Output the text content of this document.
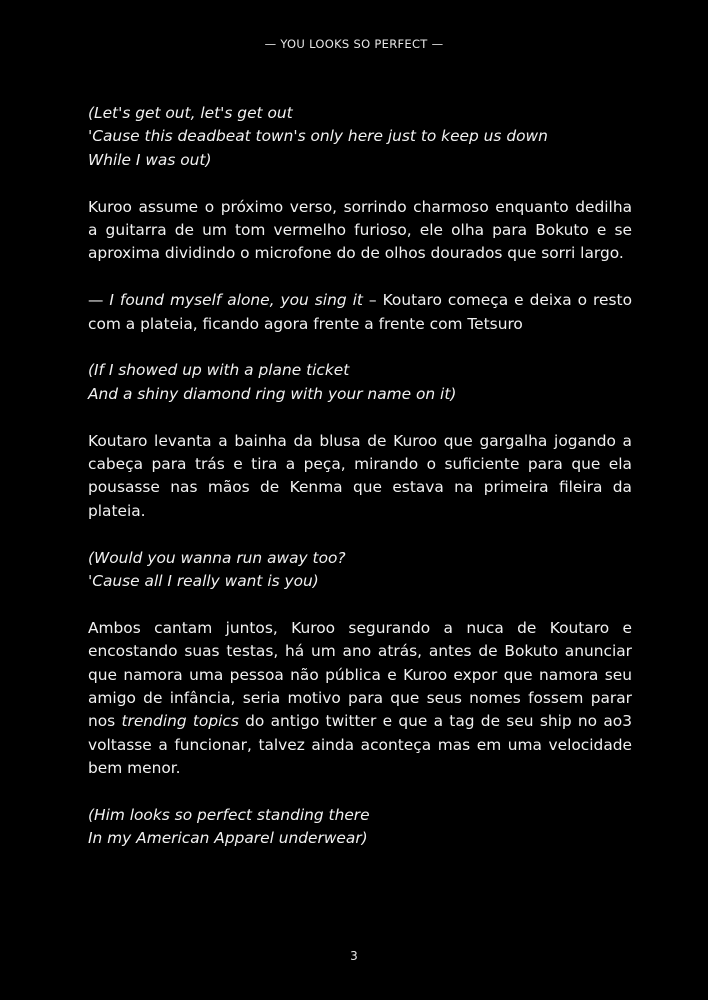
— YOU LOOKS SO PERFECT —

(Let's get out, let's get out
'Cause this deadbeat town's only here just to keep us down
While I was out)

Kuroo assume o próximo verso, sorrindo charmoso enquanto dedilha a guitarra de um tom vermelho furioso, ele olha para Bokuto e se aproxima dividindo o microfone do de olhos dourados que sorri largo.

— I found myself alone, you sing it – Koutaro começa e deixa o resto com a plateia, ficando agora frente a frente com Tetsuro

(If I showed up with a plane ticket
And a shiny diamond ring with your name on it)

Koutaro levanta a bainha da blusa de Kuroo que gargalha jogando a cabeça para trás e tira a peça, mirando o suficiente para que ela pousasse nas mãos de Kenma que estava na primeira fileira da plateia.

(Would you wanna run away too?
'Cause all I really want is you)

Ambos cantam juntos, Kuroo segurando a nuca de Koutaro e encostando suas testas, há um ano atrás, antes de Bokuto anunciar que namora uma pessoa não pública e Kuroo expor que namora seu amigo de infância, seria motivo para que seus nomes fossem parar nos trending topics do antigo twitter e que a tag de seu ship no ao3 voltasse a funcionar, talvez ainda aconteça mas em uma velocidade bem menor.

(Him looks so perfect standing there
In my American Apparel underwear)

3
